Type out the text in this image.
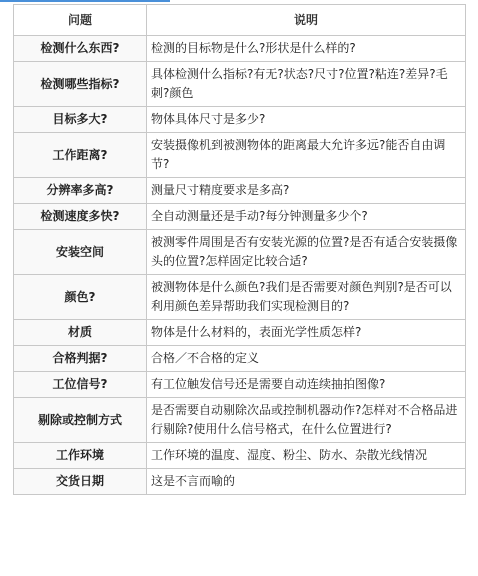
问题	说明
检测什么东西?	检测的目标物是什么?形状是什么样的?
检测哪些指标?	具体检测什么指标?有无?状态?尺寸?位置?粘连?差异?毛刺?颜色
目标多大?	物体具体尺寸是多少?
工作距离?	安装摄像机到被测物体的距离最大允许多远?能否自由调节?
分辨率多高?	测量尺寸精度要求是多高?
检测速度多快?	全自动测量还是手动?每分钟测量多少个?
安装空间	被测零件周围是否有安装光源的位置?是否有适合安装摄像头的位置?怎样固定比较合适?
颜色?	被测物体是什么颜色?我们是否需要对颜色判别?是否可以利用颜色差异帮助我们实现检测目的?
材质	物体是什么材料的，表面光学性质怎样?
合格判据?	合格／不合格的定义
工位信号?	有工位触发信号还是需要自动连续抽拍图像?
剔除或控制方式	是否需要自动剔除次品或控制机器动作?怎样对不合格品进行剔除?使用什么信号格式，在什么位置进行?
工作环境	工作环境的温度、湿度、粉尘、防水、杂散光线情况
交货日期	这是不言而喻的
